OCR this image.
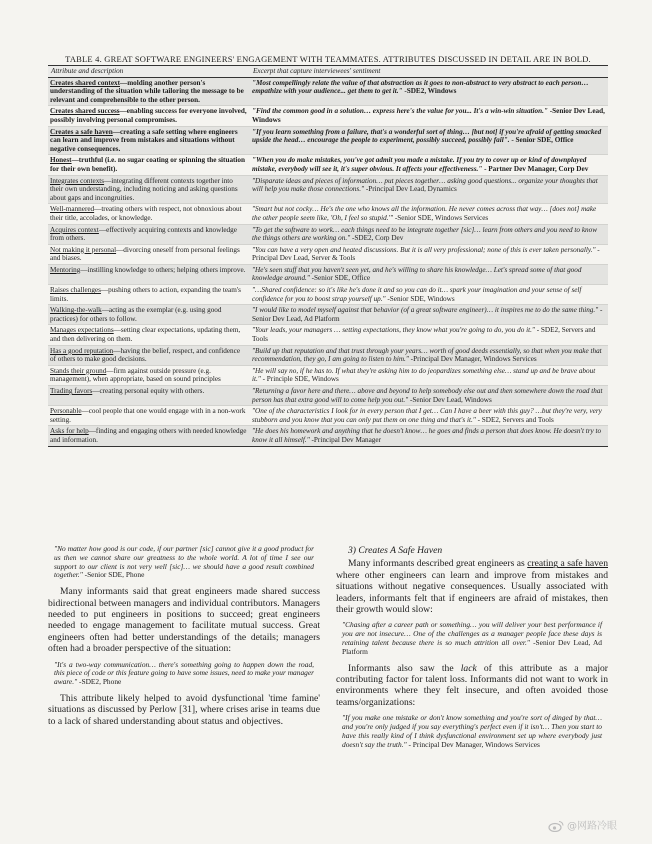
TABLE 4. GREAT SOFTWARE ENGINEERS' ENGAGEMENT WITH TEAMMATES. ATTRIBUTES DISCUSSED IN DETAIL ARE IN BOLD.
Attribute and description	Excerpt that capture interviewees' sentiment
Creates shared context—molding another person's understanding of the situation while tailoring the message to be relevant and comprehensible to the other person.	"Most compellingly relate the value of that abstraction as it goes to non-abstract to very abstract to each person… empathize with your audience... get them to get it." -SDE2, Windows
Creates shared success—enabling success for everyone involved, possibly involving personal compromises.	"Find the common good in a solution… express here's the value for you... It's a win-win situation." -Senior Dev Lead, Windows
Creates a safe haven—creating a safe setting where engineers can learn and improve from mistakes and situations without negative consequences.	"If you learn something from a failure, that's a wonderful sort of thing… [but not] if you're afraid of getting smacked upside the head… encourage the people to experiment, possibly succeed, possibly fail". - Senior SDE, Office
Honest—truthful (i.e. no sugar coating or spinning the situation for their own benefit).	"When you do make mistakes, you've got admit you made a mistake. If you try to cover up or kind of downplayed mistake, everybody will see it, it's super obvious. It affects your effectiveness." - Partner Dev Manager, Corp Dev
Integrates contexts—integrating different contexts together into their own understanding, including noticing and asking questions about gaps and incongruities.	"Disparate ideas and pieces of information… put pieces together… asking good questions... organize your thoughts that will help you make those connections." -Principal Dev Lead, Dynamics
Well-mannered—treating others with respect, not obnoxious about their title, accolades, or knowledge.	"Smart but not cocky… He's the one who knows all the information. He never comes across that way… [does not] make the other people seem like, 'Oh, I feel so stupid.'" -Senior SDE, Windows Services
Acquires context—effectively acquiring contexts and knowledge from others.	"To get the software to work… each things need to be integrate together [sic]… learn from others and you need to know the things others are working on." -SDE2, Corp Dev
Not making it personal—divorcing oneself from personal feelings and biases.	"You can have a very open and heated discussions. But it is all very professional; none of this is ever taken personally." -Principal Dev Lead, Server & Tools
Mentoring—instilling knowledge to others; helping others improve.	"He's seen stuff that you haven't seen yet, and he's willing to share his knowledge… Let's spread some of that good knowledge around." -Senior SDE, Office
Raises challenges—pushing others to action, expanding the team's limits.	"…Shared confidence: so it's like he's done it and so you can do it… spark your imagination and your sense of self confidence for you to boost strap yourself up." -Senior SDE, Windows
Walking-the-walk—acting as the exemplar (e.g. using good practices) for others to follow.	"I would like to model myself against that behavior (of a great software engineer)… it inspires me to do the same thing." -Senior Dev Lead, Ad Platform
Manages expectations—setting clear expectations, updating them, and then delivering on them.	"Your leads, your managers … setting expectations, they know what you're going to do, you do it." - SDE2, Servers and Tools
Has a good reputation—having the belief, respect, and confidence of others to make good decisions.	"Build up that reputation and that trust through your years… worth of good deeds essentially, so that when you make that recommendation, they go, I am going to listen to him." -Principal Dev Manager, Windows Services
Stands their ground—firm against outside pressure (e.g. management), when appropriate, based on sound principles	"He will say no, if he has to. If what they're asking him to do jeopardizes something else… stand up and be brave about it." - Principle SDE, Windows
Trading favors—creating personal equity with others.	"Returning a favor here and there… above and beyond to help somebody else out and then somewhere down the road that person has that extra good will to come help you out." -Senior Dev Lead, Windows
Personable—cool people that one would engage with in a non-work setting.	"One of the characteristics I look for in every person that I get… Can I have a beer with this guy? …but they're very, very stubborn and you know that you can only put them on one thing and that's it." - SDE2, Servers and Tools
Asks for help—finding and engaging others with needed knowledge and information.	"He does his homework and anything that he doesn't know… he goes and finds a person that does know. He doesn't try to know it all himself." -Principal Dev Manager
"No matter how good is our code, if our partner [sic] cannot give it a good product for us then we cannot share our greatness to the whole world. A lot of time I see our support to our client is not very well [sic]… we should have a good result combined together." -Senior SDE, Phone

Many informants said that great engineers made shared success bidirectional between managers and individual contributors. Managers needed to put engineers in positions to succeed; great engineers needed to engage management to facilitate mutual success. Great engineers often had better understandings of the details; managers often had a broader perspective of the situation:

"It's a two-way communication… there's something going to happen down the road, this piece of code or this feature going to have some issues, need to make your manager aware." -SDE2, Phone

This attribute likely helped to avoid dysfunctional 'time famine' situations as discussed by Perlow [31], where crises arise in teams due to a lack of shared understanding about status and objectives.

3) Creates A Safe Haven

Many informants described great engineers as creating a safe haven where other engineers can learn and improve from mistakes and situations without negative consequences. Usually associated with leaders, informants felt that if engineers are afraid of mistakes, then their growth would slow:

"Chasing after a career path or something… you will deliver your best performance if you are not insecure… One of the challenges as a manager people face these days is retaining talent because there is so much attrition all over." -Senior Dev Lead, Ad Platform

Informants also saw the lack of this attribute as a major contributing factor for talent loss. Informants did not want to work in environments where they felt insecure, and often avoided those teams/organizations:

"If you make one mistake or don't know something and you're sort of dinged by that… and you're only judged if you say everything's perfect even if it isn't… Then you start to have this really kind of I think dysfunctional environment set up where everybody just doesn't say the truth." - Principal Dev Manager, Windows Services
@网路冷眼
